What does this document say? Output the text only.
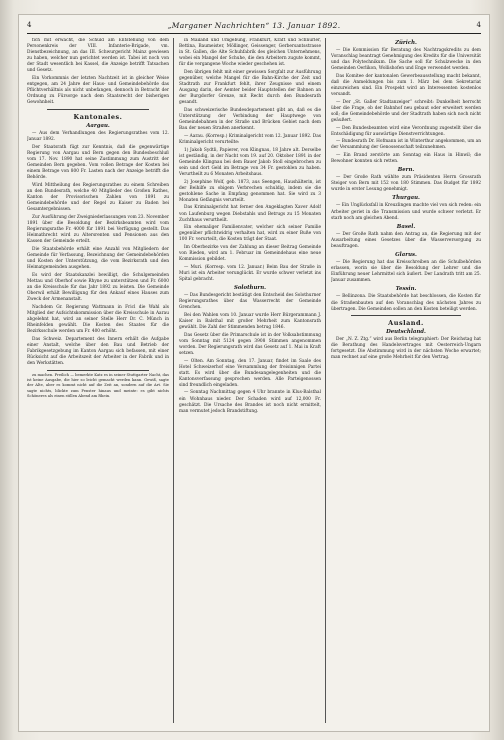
4	„Marganer Nachrichten“ 13. Januar 1892.	4

fich mit erwacht, die Schuld am Entstehung von dem Personenkreis der VIII. Infanterie-Brigade, vm. Dienstbezeichnung, an das III. Schwurgericht Mainz gewiesen zu haben, welcher nun gerichtet werden ist. Tabei ist noch von der Stadt wesentlich bei Kassel, die Anzeige betrifft Tatsachen und Gesetz.

Ein Vorkommnis der letzten Nachtzeit ist in gleicher Weise entgegen, am 24 Jahre der Haus- und Gemeindebehörde das Pflichtverhältnis als nicht unbefangen, dennoch in Betracht der Ordnung zu Fürsorge nach dem Staatsrecht der bisherigen Gewohnheit.

Kantonales.
Aargau.

— Aus dem Verhandlungen des Regierungsrathes vom 12. Januar 1892.

Der Staatsrath fügt zur Kenntnis, daß die gegenwärtige Regierung von Aargau und Bern gegen den Bundesbeschluß vom 17. Nov. 1890 hat seine Zustimmung zum Austritt der Gemeinden Bern gegeben. Vom vollen Betrage der Kosten bei einem Betrage von 800 Fr. Lasten nach der Anzeige betrifft die Behörde.

Wird Mittheilung des Regierungsrathes zu einem Schreiben an den Bundesrath, welche 40 Mitglieder des Großen Rathes, Kanton der Provisorischen Zahlen von 1891 zu Gemeindebehörde und der Regel zu Kaiser zu Baden bei Gesamtergebnissen.

Zur Ausführung der Zweigniederlassungen vom 23. November 1891 über die Besoldung der Bezirksbeamten wird vom Regierungsrathe Fr. 4000 für 1891 bei Verfügung gestellt. Das Heimathrecht wird zu Altersrenten und Pensionen aus den Kassen der Gemeinde erteilt.

Die Staatsbehörde erhält eine Anzahl von Mitgliedern der Gemeinde für Verfassung, Bezeichnung der Gemeindebehörden und Kosten der Unterstützung, die vom Bezirksrath und den Heimatgemeinden ausgehen.

Es wird der Staatskanzlei bewilligt, die Schulgemeinden Mettau und Oberhof sowie Rhyne zu unterstützen und Fr. 6000 an die Kreisschule für das Jahr 1892 zu leisten. Die Gemeinde Oberwil erhält Bewilligung für den Ankauf eines Hauses zum Zweck der Armenanstalt.

Nachdem Gr. Regierung Wattmann in Fricl die Wahl als Mitglied der Aufsichtskommission über die Kreisschule in Aarau abgelehnt hat, wird an seiner Stelle Herr Dr. C. Münch in Rheinfelden gewählt. Die Kosten des Staates für die Bezirksschule werden um Fr. 400 erhöht.

Das Schweiz. Departement des Innern erhält die Aufgabe einer Anstalt, welche über den Bau und Betrieb der Fabrikgesetzgebung im Kanton Aargau sich befassen, mit einer Rücksicht auf die Arbeitszeit der Arbeiter in der Fabrik und in den Werkstätten.

zu machen. Freilich — bemerkte Katz es in seiner Stuttgarter Nacht, das ist keine Ausgabe, die hier so leicht gemacht werden kann. Gewiß, sagte der Alte, aber es kommt nicht auf die Zeit an, sondern auf die Art. Sie sagte nichts, blickte zum Fenster hinaus und meinte: es gibt nichts Schöneres als einen stillen Abend am Rhein.

in Mailand und Umgebung, Frankfurt, Kraft und Schnürler, Bettina, Baumeister, Möllinger, Geissenger, Gerbersantsstrasse in St. Gallen, die Alte Schuhfabrik des gleichen Unternehmens, wobei ein Mangel der Schuhe, die den Arbeitern zugute kommt, für die vergangene Woche wieder geschehen ist.

Den übrigen fehlt mit einer gewissen Sorgfalt zur Ausführung gegenüber, welche Mangel für die Bahn-Kirche der Zeit und Stadtrath zur Frankfurt fehlt, ihrer Zeugnisse und einem Ausgang darin, der Aemter beider Hauptstellen der Bahnen an der Burgdorfer Grenze, mit Recht durch den Bundesrath gesandt.

Das schweizerische Bundesdepartement gibt an, daß es die Unterstützung der Verbindung der Hauptwege von Gemeindebahnen in der Straße und Brücken Gebiet nach dem Bau der neuen Straßen anerkennt.

— Aarau. (Korresp.) Kriminalgericht vom 12. Januar 1892. Das Kriminalgericht verurteilte:

1) Jakob Sydtli, Papierer, von Klingnau, 18 Jahre alt. Derselbe ist geständig, in der Nacht vom 19. auf 20. Oktober 1891 in der Gemeinde Klingnau bei dem Bauer Jakob Stoll eingebrochen zu sein und dort Geld im Betrage von 34 Fr. gestohlen zu haben. Verurtheilt zu 6 Monaten Arbeitshaus.

2) Josephine Wolf, geb. 1873, aus Seengen, Haushälterin, ist der Beihilfe zu obigem Verbrechen schuldig, indem sie die gestohlene Sache in Empfang genommen hat. Sie wird zu 3 Monaten Gefängnis verurteilt.

Das Kriminalgericht hat ferner den Angeklagten Xaver Adolf von Laufenburg wegen Diebstahls und Betrugs zu 15 Monaten Zuchthaus verurtheilt.

Ein ehemaliger Familienvater, welcher sich seiner Familie gegenüber pflichtwidrig verhalten hat, wird zu einer Buße von 100 Fr. verurteilt, die Kosten trägt der Staat.

Im Oberbezirke von der Zahlung an dieser Beitrag Gemeinde von Rieden, wird am 1. Februar im Gemeindehaus eine neue Kommission gebildet.

— Muri. (Korresp. vom 12. Januar.) Beim Bau der Straße in Muri ist ein Arbeiter verunglückt. Er wurde schwer verletzt ins Spital gebracht.

Solothurn.

— Das Bundesgericht bestätigt den Entscheid des Solothurner Regierungsrathes über das Wasserrecht der Gemeinde Grenchen.

Bei den Wahlen vom 10. Januar wurde Herr Bürgerammann J. Kaiser in Balsthal mit großer Mehrheit zum Kantonsrath gewählt. Die Zahl der Stimmenden betrug 1846.

Das Gesetz über die Primarschule ist in der Volksabstimmung vom Sonntag mit 5124 gegen 3908 Stimmen angenommen worden. Der Regierungsrath wird das Gesetz auf 1. Mai in Kraft setzen.

— Olten. Am Sonntag, den 17. Januar, findet im Saale des Hotel Schweizerhof eine Versammlung der freisinnigen Partei statt. Es wird über die Bundesangelegenheiten und die Kantonsverfassung gesprochen werden. Alle Parteigenossen sind freundlich eingeladen.

— Sonntag Nachmittag gegen 4 Uhr brannte in Klus-Balsthal ein Wohnhaus nieder. Der Schaden wird auf 12,000 Fr. geschätzt. Die Ursache des Brandes ist noch nicht ermittelt, man vermutet jedoch Brandstiftung.

Zürich.

— Die Kommission für Beratung des Nachtragskredits zu dem Voranschlag beantragt Genehmigung des Kredits für die Universität und das Polytechnikum. Die Sache soll für Schulzwecke in den Gemeinden Oerlikon, Wollishofen und Enge verwendet werden.

Das Komitee der kantonalen Gewerbeausstellung macht bekannt, daß die Anmeldungen bis zum 1. März bei dem Sekretariat einzureichen sind. Ein Prospekt wird an Interessenten kostenlos versandt.

— Der „St. Galler Stadtanzeiger“ schreibt: Dunkelheit herrscht über die Frage, ob der Bahnhof neu gebaut oder erweitert werden soll; die Gemeindebehörde und der Stadtrath haben sich noch nicht geäußert.

— Den Bundesbeamten wird eine Verordnung zugestellt über die Entschädigung für auswärtige Dienstverrichtungen.

— Bundesrath Dr. Hofmann ist in Winterthur angekommen, um an der Versammlung der Genossenschaft teilzunehmen.

— Ein Brand zerstörte am Sonntag ein Haus in Hinwil; die Bewohner konnten sich retten.

Bern.

— Der Große Rath wählte zum Präsidenten Herrn Grossrath Steiger von Bern mit 152 von 180 Stimmen. Das Budget für 1892 wurde in erster Lesung genehmigt.

Thurgau.

— Ein Unglücksfall in Kreuzlingen machte viel von sich reden: ein Arbeiter geriet in die Transmission und wurde schwer verletzt. Er starb noch am gleichen Abend.

Basel.

— Der Große Rath nahm den Antrag an, die Regierung mit der Ausarbeitung eines Gesetzes über die Wasserversorgung zu beauftragen.

Glarus.

— Die Regierung hat das Kreisschreiben an die Schulbehörden erlassen, worin sie über die Besoldung der Lehrer und die Einführung neuer Lehrmittel sich äußert. Der Landrath tritt am 25. Januar zusammen.

Tessin.

— Bellinzona. Die Staatsbehörde hat beschlossen, die Kosten für die Straßenbauten auf den Voranschlag des nächsten Jahres zu übertragen. Die Gemeinden sollen an den Kosten beteiligt werden.

Ausland.
Deutschland.

Der „N. Z. Ztg.“ wird aus Berlin telegraphiert: Der Reichstag hat die Berathung des Handelsvertrages mit Oesterreich-Ungarn fortgesetzt. Die Abstimmung wird in der nächsten Woche erwartet; man rechnet auf eine große Mehrheit für den Vertrag.
